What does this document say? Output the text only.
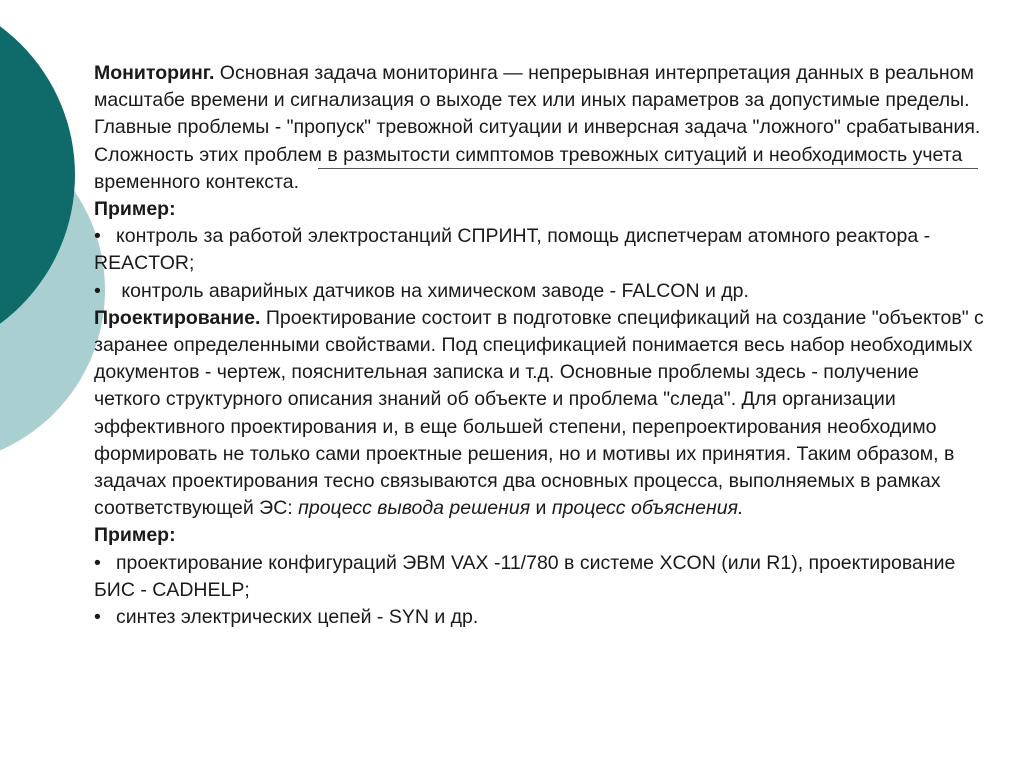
Мониторинг. Основная задача мониторинга — непрерывная интерпретация данных в реальном масштабе времени и сигнализация о выходе тех или иных параметров за допустимые пределы. Главные проблемы - "пропуск" тревожной ситуации и инверсная задача "ложного" срабатывания. Сложность этих проблем в размытости симптомов тревожных ситуаций и необходимость учета временного контекста.

Пример:

• контроль за работой электростанций СПРИНТ, помощь диспетчерам атомного реактора - REACTOR;

• контроль аварийных датчиков на химическом заводе - FALCON и др.

Проектирование. Проектирование состоит в подготовке спецификаций на создание "объектов" с заранее определенными свойствами. Под спецификацией понимается весь набор необходимых документов - чертеж, пояснительная записка и т.д. Основные проблемы здесь - получение четкого структурного описания знаний об объекте и проблема "следа". Для организации эффективного проектирования и, в еще большей степени, перепроектирования необходимо формировать не только сами проектные решения, но и мотивы их принятия. Таким образом, в задачах проектирования тесно связываются два основных процесса, выполняемых в рамках соответствующей ЭС: процесс вывода решения и процесс объяснения.

Пример:

• проектирование конфигураций ЭВМ VAX -11/780 в системе XCON (или R1), проектирование БИС - CADHELP;

• синтез электрических цепей - SYN и др.
